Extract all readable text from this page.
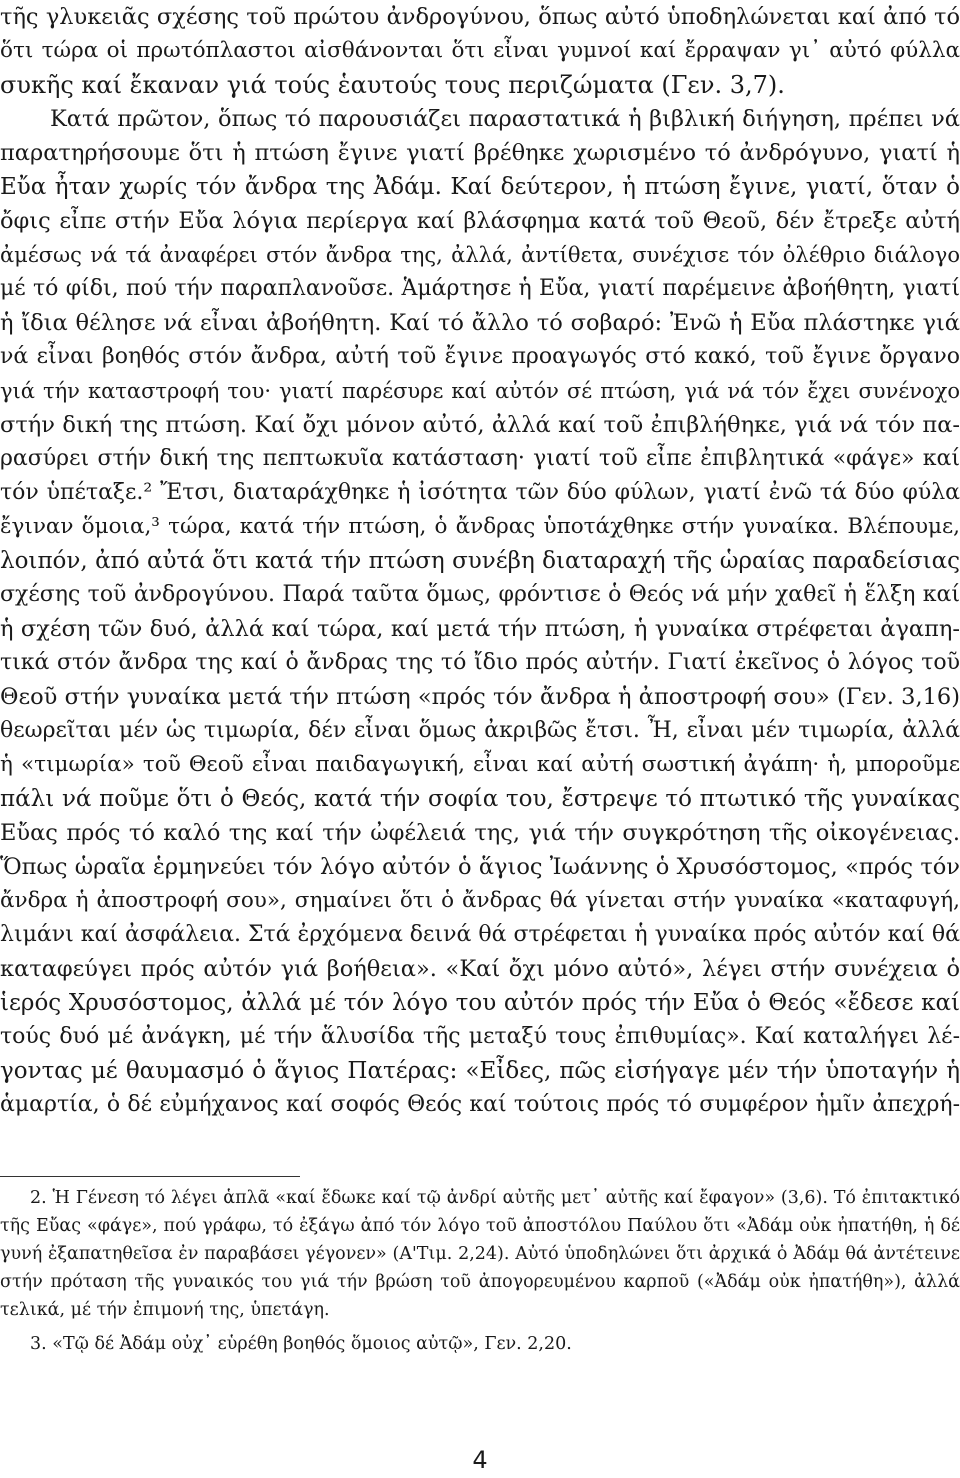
τῆς γλυκειᾶς σχέσης τοῦ πρώτου ἀνδρογύνου, ὅπως αὐτό ὑποδηλώνεται καί ἀπό τό
ὅτι τώρα οἱ πρωτόπλαστοι αἰσθάνονται ὅτι εἶναι γυμνοί καί ἔρραψαν γι᾽ αὐτό φύλλα
συκῆς καί ἔκαναν γιά τούς ἑαυτούς τους περιζώματα (Γεν. 3,7).
Κατά πρῶτον, ὅπως τό παρουσιάζει παραστατικά ἡ βιβλική διήγηση, πρέπει νά
παρατηρήσουμε ὅτι ἡ πτώση ἔγινε γιατί βρέθηκε χωρισμένο τό ἀνδρόγυνο, γιατί ἡ
Εὔα ἦταν χωρίς τόν ἄνδρα της Ἀδάμ. Καί δεύτερον, ἡ πτώση ἔγινε, γιατί, ὅταν ὁ
ὄφις εἶπε στήν Εὔα λόγια περίεργα καί βλάσφημα κατά τοῦ Θεοῦ, δέν ἔτρεξε αὐτή
ἀμέσως νά τά ἀναφέρει στόν ἄνδρα της, ἀλλά, ἀντίθετα, συνέχισε τόν ὀλέθριο διάλογο
μέ τό φίδι, πού τήν παραπλανοῦσε. Ἁμάρτησε ἡ Εὔα, γιατί παρέμεινε ἀβοήθητη, γιατί
ἡ ἴδια θέλησε νά εἶναι ἀβοήθητη. Καί τό ἄλλο τό σοβαρό: Ἐνῶ ἡ Εὔα πλάστηκε γιά
νά εἶναι βοηθός στόν ἄνδρα, αὐτή τοῦ ἔγινε προαγωγός στό κακό, τοῦ ἔγινε ὄργανο
γιά τήν καταστροφή του· γιατί παρέσυρε καί αὐτόν σέ πτώση, γιά νά τόν ἔχει συνένοχο
στήν δική της πτώση. Καί ὄχι μόνον αὐτό, ἀλλά καί τοῦ ἐπιβλήθηκε, γιά νά τόν πα-
ρασύρει στήν δική της πεπτωκυῖα κατάσταση· γιατί τοῦ εἶπε ἐπιβλητικά «φάγε» καί
τόν ὑπέταξε.² Ἔτσι, διαταράχθηκε ἡ ἰσότητα τῶν δύο φύλων, γιατί ἐνῶ τά δύο φύλα
ἔγιναν ὅμοια,³ τώρα, κατά τήν πτώση, ὁ ἄνδρας ὑποτάχθηκε στήν γυναίκα. Βλέπουμε,
λοιπόν, ἀπό αὐτά ὅτι κατά τήν πτώση συνέβη διαταραχή τῆς ὡραίας παραδείσιας
σχέσης τοῦ ἀνδρογύνου. Παρά ταῦτα ὅμως, φρόντισε ὁ Θεός νά μήν χαθεῖ ἡ ἕλξη καί
ἡ σχέση τῶν δυό, ἀλλά καί τώρα, καί μετά τήν πτώση, ἡ γυναίκα στρέφεται ἀγαπη-
τικά στόν ἄνδρα της καί ὁ ἄνδρας της τό ἴδιο πρός αὐτήν. Γιατί ἐκεῖνος ὁ λόγος τοῦ
Θεοῦ στήν γυναίκα μετά τήν πτώση «πρός τόν ἄνδρα ἡ ἀποστροφή σου» (Γεν. 3,16)
θεωρεῖται μέν ὡς τιμωρία, δέν εἶναι ὅμως ἀκριβῶς ἔτσι. Ἦ, εἶναι μέν τιμωρία, ἀλλά
ἡ «τιμωρία» τοῦ Θεοῦ εἶναι παιδαγωγική, εἶναι καί αὐτή σωστική ἀγάπη· ἡ, μποροῦμε
πάλι νά ποῦμε ὅτι ὁ Θεός, κατά τήν σοφία του, ἔστρεψε τό πτωτικό τῆς γυναίκας
Εὔας πρός τό καλό της καί τήν ὠφέλειά της, γιά τήν συγκρότηση τῆς οἰκογένειας.
Ὅπως ὡραῖα ἑρμηνεύει τόν λόγο αὐτόν ὁ ἅγιος Ἰωάννης ὁ Χρυσόστομος, «πρός τόν
ἄνδρα ἡ ἀποστροφή σου», σημαίνει ὅτι ὁ ἄνδρας θά γίνεται στήν γυναίκα «καταφυγή,
λιμάνι καί ἀσφάλεια. Στά ἐρχόμενα δεινά θά στρέφεται ἡ γυναίκα πρός αὐτόν καί θά
καταφεύγει πρός αὐτόν γιά βοήθεια». «Καί ὄχι μόνο αὐτό», λέγει στήν συνέχεια ὁ
ἱερός Χρυσόστομος, ἀλλά μέ τόν λόγο του αὐτόν πρός τήν Εὔα ὁ Θεός «ἔδεσε καί
τούς δυό μέ ἀνάγκη, μέ τήν ἅλυσίδα τῆς μεταξύ τους ἐπιθυμίας». Καί καταλήγει λέ-
γοντας μέ θαυμασμό ὁ ἅγιος Πατέρας: «Εἶδες, πῶς εἰσήγαγε μέν τήν ὑποταγήν ἡ
ἁμαρτία, ὁ δέ εὐμήχανος καί σοφός Θεός καί τούτοις πρός τό συμφέρον ἡμῖν ἀπεχρή-
2. Ἡ Γένεση τό λέγει ἁπλᾶ «καί ἔδωκε καί τῷ ἀνδρί αὐτῆς μετ᾽ αὐτῆς καί ἔφαγον» (3,6). Τό ἐπιτακτικό
τῆς Εὔας «φάγε», πού γράφω, τό ἐξάγω ἀπό τόν λόγο τοῦ ἀποστόλου Παύλου ὅτι «Ἀδάμ οὐκ ἠπατήθη, ἡ δέ
γυνή ἐξαπατηθεῖσα ἐν παραβάσει γέγονεν» (Α'Τιμ. 2,24). Αὐτό ὑποδηλώνει ὅτι ἀρχικά ὁ Ἀδάμ θά ἀντέτεινε
στήν πρόταση τῆς γυναικός του γιά τήν βρώση τοῦ ἀπογορευμένου καρποῦ («Ἀδάμ οὐκ ἠπατήθη»), ἀλλά
τελικά, μέ τήν ἐπιμονή της, ὑπετάγη.
3. «Τῷ δέ Ἀδάμ οὐχ᾽ εὑρέθη βοηθός ὅμοιος αὐτῷ», Γεν. 2,20.
4
